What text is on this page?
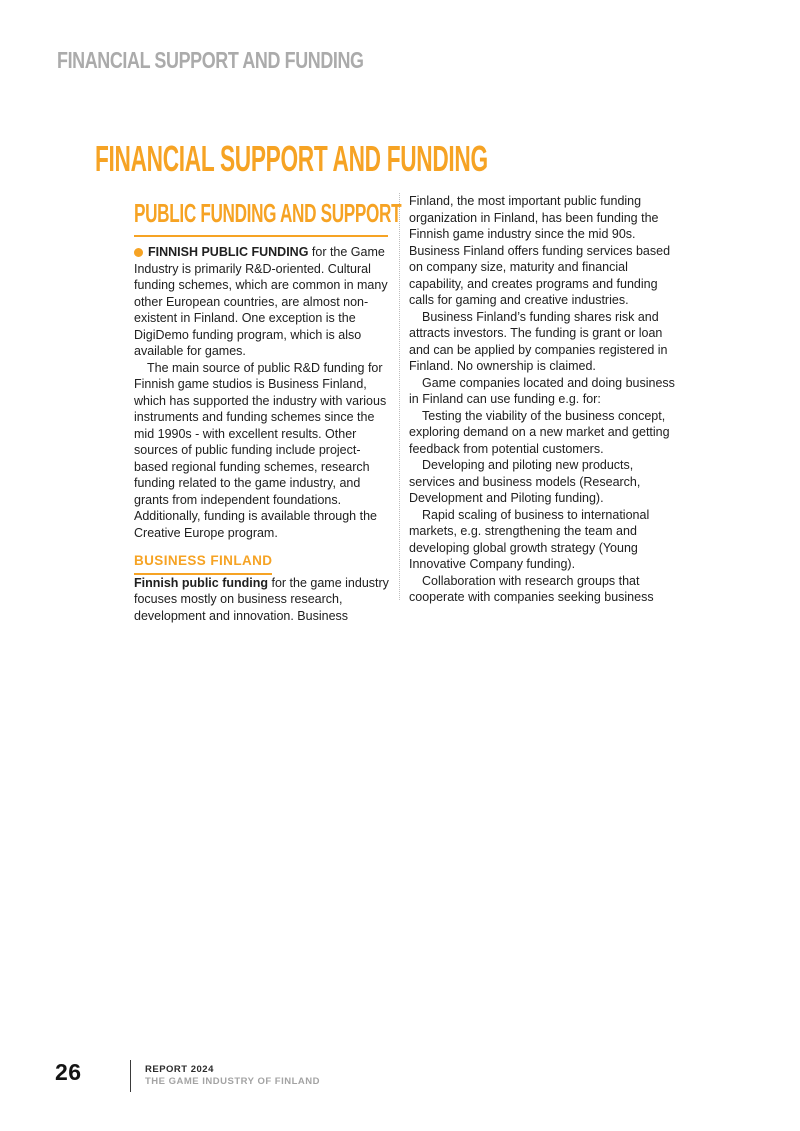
FINANCIAL SUPPORT AND FUNDING
FINANCIAL SUPPORT AND FUNDING
PUBLIC FUNDING AND SUPPORT

FINNISH PUBLIC FUNDING for the Game Industry is primarily R&D-oriented. Cultural funding schemes, which are common in many other European countries, are almost non-existent in Finland. One exception is the DigiDemo funding program, which is also available for games.

The main source of public R&D funding for Finnish game studios is Business Finland, which has supported the industry with various instruments and funding schemes since the mid 1990s - with excellent results. Other sources of public funding include project-based regional funding schemes, research funding related to the game industry, and grants from independent foundations. Additionally, funding is available through the Creative Europe program.

BUSINESS FINLAND

Finnish public funding for the game industry focuses mostly on business research, development and innovation. Business

Finland, the most important public funding organization in Finland, has been funding the Finnish game industry since the mid 90s. Business Finland offers funding services based on company size, maturity and financial capability, and creates programs and funding calls for gaming and creative industries.

Business Finland’s funding shares risk and attracts investors. The funding is grant or loan and can be applied by companies registered in Finland. No ownership is claimed.

Game companies located and doing business in Finland can use funding e.g. for:

Testing the viability of the business concept, exploring demand on a new market and getting feedback from potential customers.

Developing and piloting new products, services and business models (Research, Development and Piloting funding).

Rapid scaling of business to international markets, e.g. strengthening the team and developing global growth strategy (Young Innovative Company funding).

Collaboration with research groups that cooperate with companies seeking business

26	REPORT 2024
THE GAME INDUSTRY OF FINLAND
